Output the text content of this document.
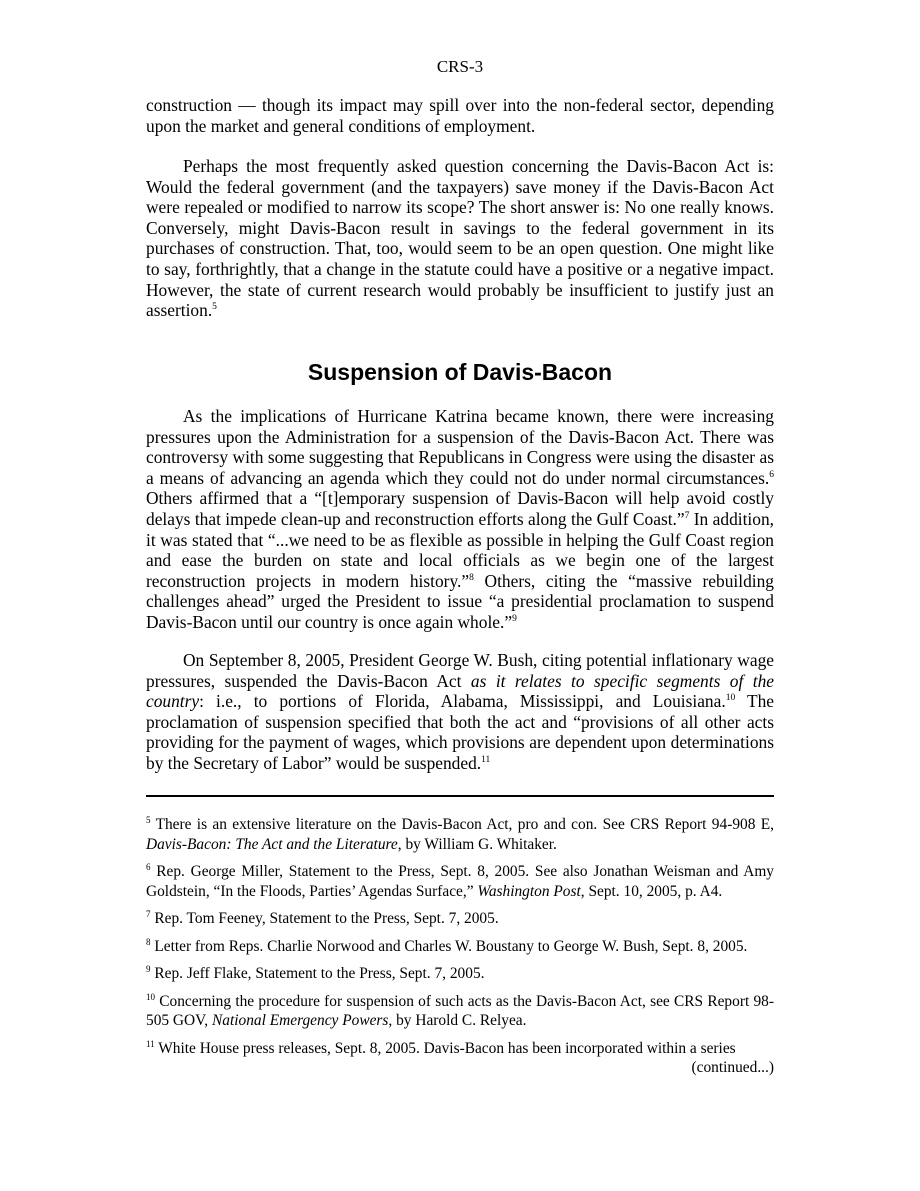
CRS-3

construction — though its impact may spill over into the non-federal sector, depending upon the market and general conditions of employment.

Perhaps the most frequently asked question concerning the Davis-Bacon Act is: Would the federal government (and the taxpayers) save money if the Davis-Bacon Act were repealed or modified to narrow its scope? The short answer is: No one really knows. Conversely, might Davis-Bacon result in savings to the federal government in its purchases of construction. That, too, would seem to be an open question. One might like to say, forthrightly, that a change in the statute could have a positive or a negative impact. However, the state of current research would probably be insufficient to justify just an assertion.$^5$

Suspension of Davis-Bacon

As the implications of Hurricane Katrina became known, there were increasing pressures upon the Administration for a suspension of the Davis-Bacon Act. There was controversy with some suggesting that Republicans in Congress were using the disaster as a means of advancing an agenda which they could not do under normal circumstances.$^6$ Others affirmed that a “[t]emporary suspension of Davis-Bacon will help avoid costly delays that impede clean-up and reconstruction efforts along the Gulf Coast.”$^7$ In addition, it was stated that “...we need to be as flexible as possible in helping the Gulf Coast region and ease the burden on state and local officials as we begin one of the largest reconstruction projects in modern history.”$^8$ Others, citing the “massive rebuilding challenges ahead” urged the President to issue “a presidential proclamation to suspend Davis-Bacon until our country is once again whole.”$^9$

On September 8, 2005, President George W. Bush, citing potential inflationary wage pressures, suspended the Davis-Bacon Act as it relates to specific segments of the country: i.e., to portions of Florida, Alabama, Mississippi, and Louisiana.$^{10}$ The proclamation of suspension specified that both the act and “provisions of all other acts providing for the payment of wages, which provisions are dependent upon determinations by the Secretary of Labor” would be suspended.$^{11}$

$^5$ There is an extensive literature on the Davis-Bacon Act, pro and con. See CRS Report 94-908 E, Davis-Bacon: The Act and the Literature, by William G. Whitaker.

$^6$ Rep. George Miller, Statement to the Press, Sept. 8, 2005. See also Jonathan Weisman and Amy Goldstein, “In the Floods, Parties’ Agendas Surface,” Washington Post, Sept. 10, 2005, p. A4.

$^7$ Rep. Tom Feeney, Statement to the Press, Sept. 7, 2005.

$^8$ Letter from Reps. Charlie Norwood and Charles W. Boustany to George W. Bush, Sept. 8, 2005.

$^9$ Rep. Jeff Flake, Statement to the Press, Sept. 7, 2005.

$^{10}$ Concerning the procedure for suspension of such acts as the Davis-Bacon Act, see CRS Report 98-505 GOV, National Emergency Powers, by Harold C. Relyea.

$^{11}$ White House press releases, Sept. 8, 2005. Davis-Bacon has been incorporated within a series

(continued...)
